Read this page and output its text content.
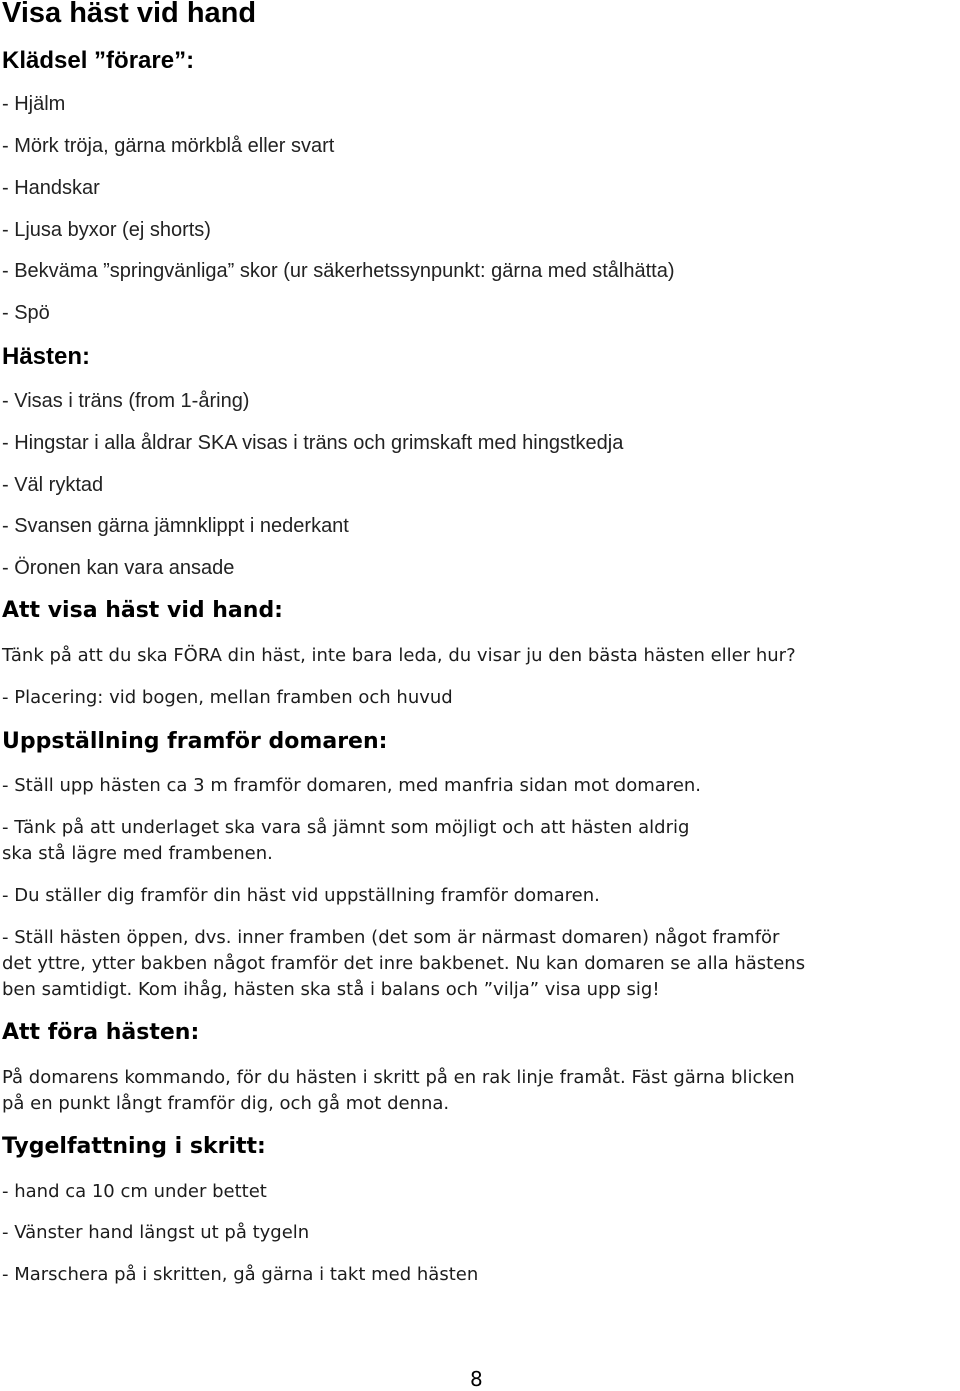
Visa häst vid hand
Klädsel ”förare”:

- Hjälm

- Mörk tröja, gärna mörkblå eller svart

- Handskar

- Ljusa byxor (ej shorts)

- Bekväma ”springvänliga” skor (ur säkerhetssynpunkt: gärna med stålhätta)

- Spö

Hästen:

- Visas i träns (from 1-åring)

- Hingstar i alla åldrar SKA visas i träns och grimskaft med hingstkedja

- Väl ryktad

- Svansen gärna jämnklippt i nederkant

- Öronen kan vara ansade

Att visa häst vid hand:

Tänk på att du ska FÖRA din häst, inte bara leda, du visar ju den bästa hästen eller hur?

- Placering: vid bogen, mellan framben och huvud

Uppställning framför domaren:

- Ställ upp hästen ca 3 m framför domaren, med manfria sidan mot domaren.

- Tänk på att underlaget ska vara så jämnt som möjligt och att hästen aldrig

ska stå lägre med frambenen.

- Du ställer dig framför din häst vid uppställning framför domaren.

- Ställ hästen öppen, dvs. inner framben (det som är närmast domaren) något framför

det yttre, ytter bakben något framför det inre bakbenet. Nu kan domaren se alla hästens

ben samtidigt. Kom ihåg, hästen ska stå i balans och ”vilja” visa upp sig!

Att föra hästen:

På domarens kommando, för du hästen i skritt på en rak linje framåt. Fäst gärna blicken

på en punkt långt framför dig, och gå mot denna.

Tygelfattning i skritt:

- hand ca 10 cm under bettet

- Vänster hand längst ut på tygeln

- Marschera på i skritten, gå gärna i takt med hästen

8
